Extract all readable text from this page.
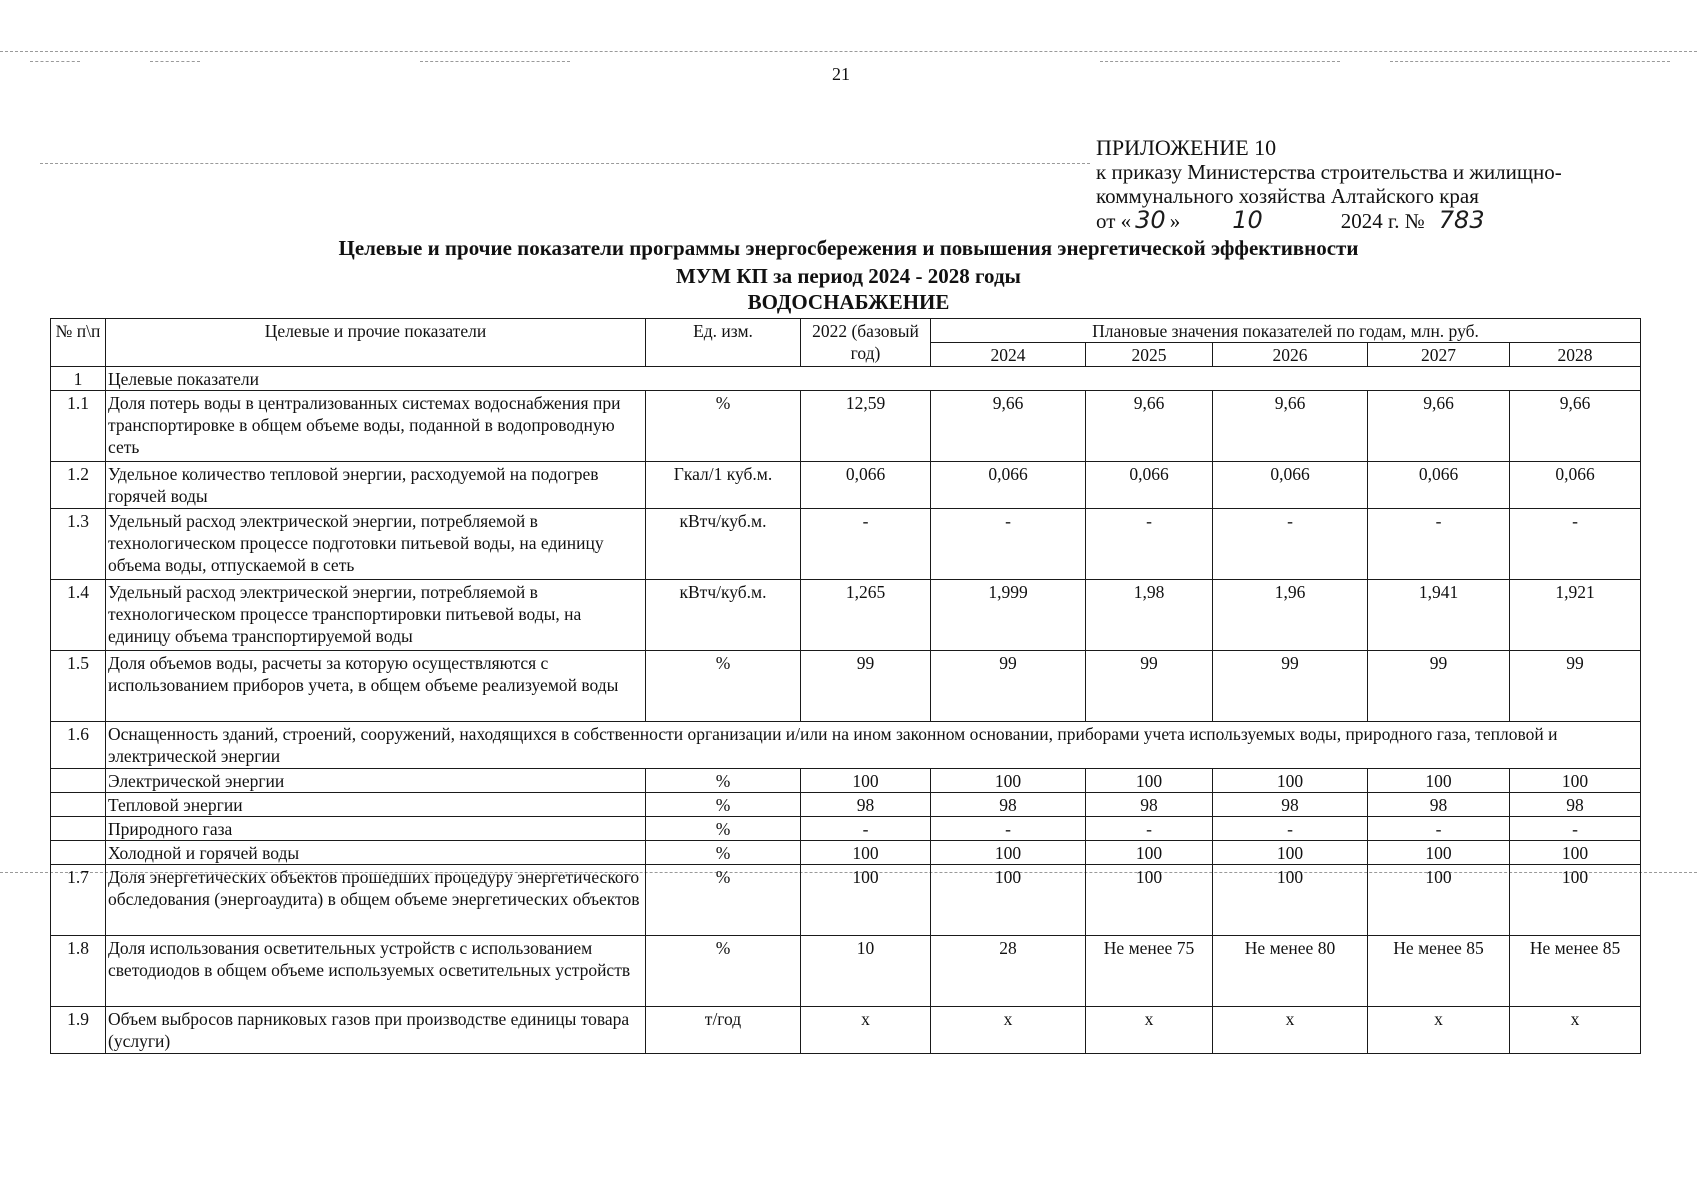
21
ПРИЛОЖЕНИЕ 10
к приказу Министерства строительства и жилищно-
коммунального хозяйства Алтайского края
от « 30 » 10	2024 г. № 783
Целевые и прочие показатели программы энергосбережения и повышения энергетической эффективности
МУМ КП за период 2024 - 2028 годы
ВОДОСНАБЖЕНИЕ
№ п\п	Целевые и прочие показатели	Ед. изм.	2022 (базовый год)	Плановые значения показателей по годам, млн. руб.				
				2024	2025	2026	2027	2028
1	Целевые показатели							
1.1	Доля потерь воды в централизованных системах водоснабжения при транспортировке в общем объеме воды, поданной в водопроводную сеть	%	12,59	9,66	9,66	9,66	9,66	9,66
1.2	Удельное количество тепловой энергии, расходуемой на подогрев горячей воды	Гкал/1 куб.м.	0,066	0,066	0,066	0,066	0,066	0,066
1.3	Удельный расход электрической энергии, потребляемой в технологическом процессе подготовки питьевой воды, на единицу объема воды, отпускаемой в сеть	кВтч/куб.м.	-	-	-	-	-	-
1.4	Удельный расход электрической энергии, потребляемой в технологическом процессе транспортировки питьевой воды, на единицу объема транспортируемой воды	кВтч/куб.м.	1,265	1,999	1,98	1,96	1,941	1,921
1.5	Доля объемов воды, расчеты за которую осуществляются с использованием приборов учета, в общем объеме реализуемой воды	%	99	99	99	99	99	99
1.6	Оснащенность зданий, строений, сооружений, находящихся в собственности организации и/или на ином законном основании, приборами учета используемых воды, природного газа, тепловой и электрической энергии							
	Электрической энергии	%	100	100	100	100	100	100
	Тепловой энергии	%	98	98	98	98	98	98
	Природного газа	%	-	-	-	-	-	-
	Холодной и горячей воды	%	100	100	100	100	100	100
1.7	Доля энергетических объектов прошедших процедуру энергетического обследования (энергоаудита) в общем объеме энергетических объектов	%	100	100	100	100	100	100
1.8	Доля использования осветительных устройств с использованием светодиодов в общем объеме используемых осветительных устройств	%	10	28	Не менее 75	Не менее 80	Не менее 85	Не менее 85
1.9	Объем выбросов парниковых газов при производстве единицы товара (услуги)	т/год	х	х	х	х	х	х
